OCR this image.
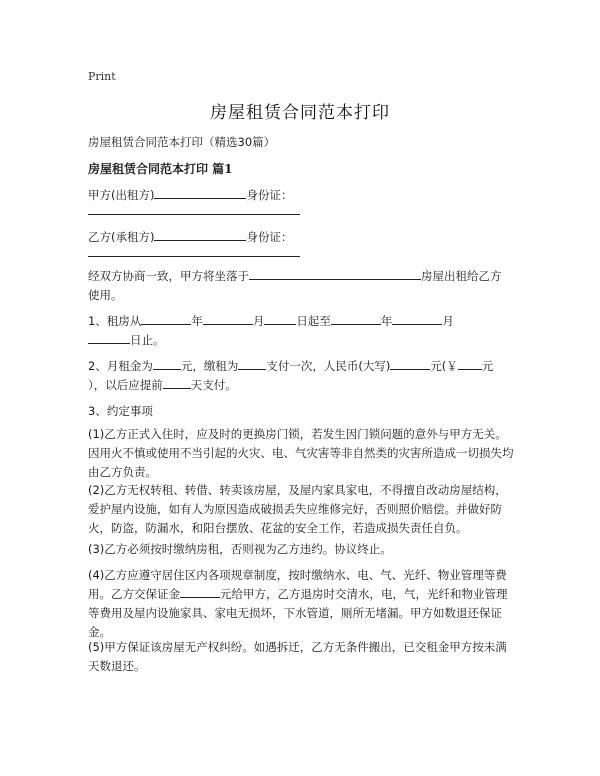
Print
房屋租赁合同范本打印
房屋租赁合同范本打印（精选30篇）
房屋租赁合同范本打印 篇1
甲方(出租方)	身份证：
乙方(承租方)	身份证：
经双方协商一致，甲方将坐落于	房屋出租给乙方
使用。
1、租房从	年	月	日起至	年	月
日止。
2、月租金为 元，缴租为 支付一次，人民币(大写)	元(￥ 元
），以后应提前 天支付。
3、约定事项
(1)乙方正式入住时，应及时的更换房门锁，若发生因门锁问题的意外与甲方无关。因用火不慎或使用不当引起的火灾、电、气灾害等非自然类的灾害所造成一切损失均由乙方负责。
(2)乙方无权转租、转借、转卖该房屋，及屋内家具家电，不得擅自改动房屋结构，爱护屋内设施，如有人为原因造成破损丢失应维修完好，否则照价赔偿。并做好防火，防盗，防漏水，和阳台摆放、花盆的安全工作，若造成损失责任自负。
(3)乙方必须按时缴纳房租，否则视为乙方违约。协议终止。
(4)乙方应遵守居住区内各项规章制度，按时缴纳水、电、气、光纤、物业管理等费用。乙方交保证金	元给甲方，乙方退房时交清水，电，气，光纤和物业管理等费用及屋内设施家具、家电无损坏，下水管道，厕所无堵漏。甲方如数退还保证金。
(5)甲方保证该房屋无产权纠纷。如遇拆迁，乙方无条件搬出，已交租金甲方按未满天数退还。
